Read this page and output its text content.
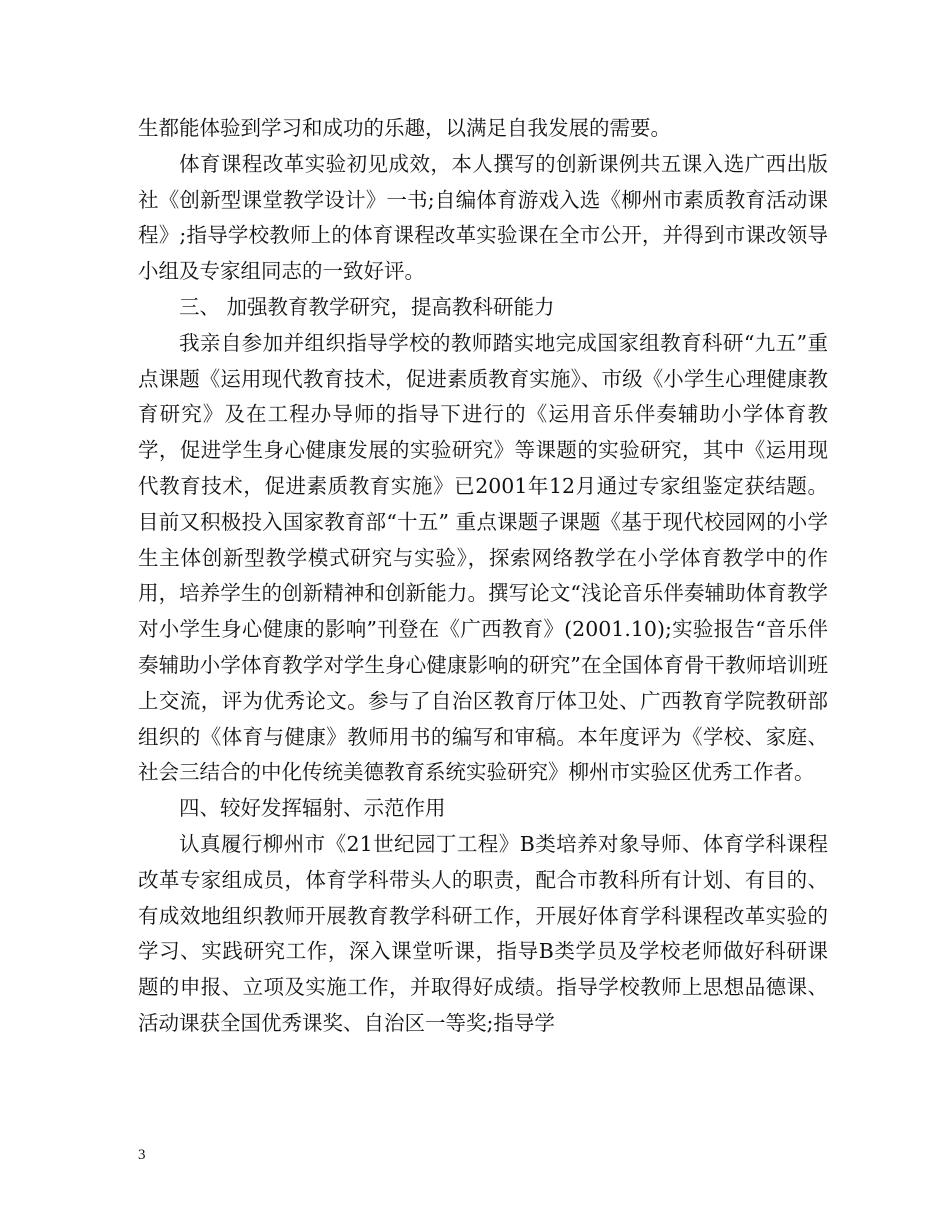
生都能体验到学习和成功的乐趣，以满足自我发展的需要。

体育课程改革实验初见成效，本人撰写的创新课例共五课入选广西出版社《创新型课堂教学设计》一书;自编体育游戏入选《柳州市素质教育活动课程》;指导学校教师上的体育课程改革实验课在全市公开，并得到市课改领导小组及专家组同志的一致好评。

三、 加强教育教学研究，提高教科研能力

我亲自参加并组织指导学校的教师踏实地完成国家组教育科研“九五”重点课题《运用现代教育技术，促进素质教育实施》、市级《小学生心理健康教育研究》及在工程办导师的指导下进行的《运用音乐伴奏辅助小学体育教学，促进学生身心健康发展的实验研究》等课题的实验研究，其中《运用现代教育技术，促进素质教育实施》已2001年12月通过专家组鉴定获结题。目前又积极投入国家教育部“十五” 重点课题子课题《基于现代校园网的小学生主体创新型教学模式研究与实验》，探索网络教学在小学体育教学中的作用，培养学生的创新精神和创新能力。撰写论文“浅论音乐伴奏辅助体育教学对小学生身心健康的影响”刊登在《广西教育》(2001.10);实验报告“音乐伴奏辅助小学体育教学对学生身心健康影响的研究”在全国体育骨干教师培训班上交流，评为优秀论文。参与了自治区教育厅体卫处、广西教育学院教研部组织的《体育与健康》教师用书的编写和审稿。本年度评为《学校、家庭、社会三结合的中化传统美德教育系统实验研究》柳州市实验区优秀工作者。

四、较好发挥辐射、示范作用

认真履行柳州市《21世纪园丁工程》B类培养对象导师、体育学科课程改革专家组成员，体育学科带头人的职责，配合市教科所有计划、有目的、有成效地组织教师开展教育教学科研工作，开展好体育学科课程改革实验的学习、实践研究工作，深入课堂听课，指导B类学员及学校老师做好科研课题的申报、立项及实施工作，并取得好成绩。指导学校教师上思想品德课、活动课获全国优秀课奖、自治区一等奖;指导学

3
